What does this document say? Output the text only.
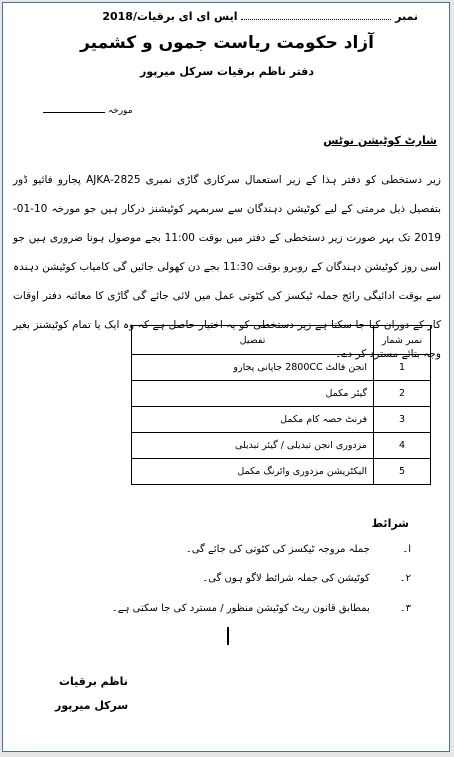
نمبر  ایس ای ای برقیات/2018
آزاد حکومت ریاست جموں و کشمیر
دفتر ناظم برقیات سرکل میرپور
مورخہ
شارٹ کوٹیشن نوٹس
زیر دستخطی کو دفتر ہذا کے زیر استعمال سرکاری گاڑی نمبری AJKA-2825 پجارو فائیو ڈور بتفصیل ذیل مرمتی کے لیے کوٹیشن دہندگان سے سربمہر کوٹیشنز درکار ہیں جو مورخہ 10-01-2019 تک بہر صورت زیر دستخطی کے دفتر میں بوقت 11:00 بجے موصول ہونا ضروری ہیں جو اسی روز کوٹیشن دہندگان کے روبرو بوقت 11:30 بجے دن کھولی جائیں گی کامیاب کوٹیشن دہندہ سے بوقت ادائیگی رائج جملہ ٹیکسز کی کٹوتی عمل میں لائی جائے گی گاڑی کا معائنہ دفتر اوقات کار کے دوران کیا جا سکتا ہے زیر دستخطی کو یہ اختیار حاصل ہے کہ وہ ایک یا تمام کوٹیشنز بغیر وجہ بتائے مسترد کر دے۔
نمبر شمار	تفصیل
1	انجن فالٹ 2800CC جاپانی پجارو
2	گیئر مکمل
3	فرنٹ حصہ کام مکمل
4	مزدوری انجن تبدیلی / گیئر تبدیلی
5	الیکٹریشن مزدوری وائرنگ مکمل
شرائط
ا۔ جملہ مروجہ ٹیکسز کی کٹوتی کی جائے گی۔
۲۔ کوٹیشن کی جملہ شرائط لاگو ہوں گی۔
۳۔ بمطابق قانون ریٹ کوٹیشن منظور / مسترد کی جا سکتی ہے۔
ناظم برقیات
سرکل میرپور
